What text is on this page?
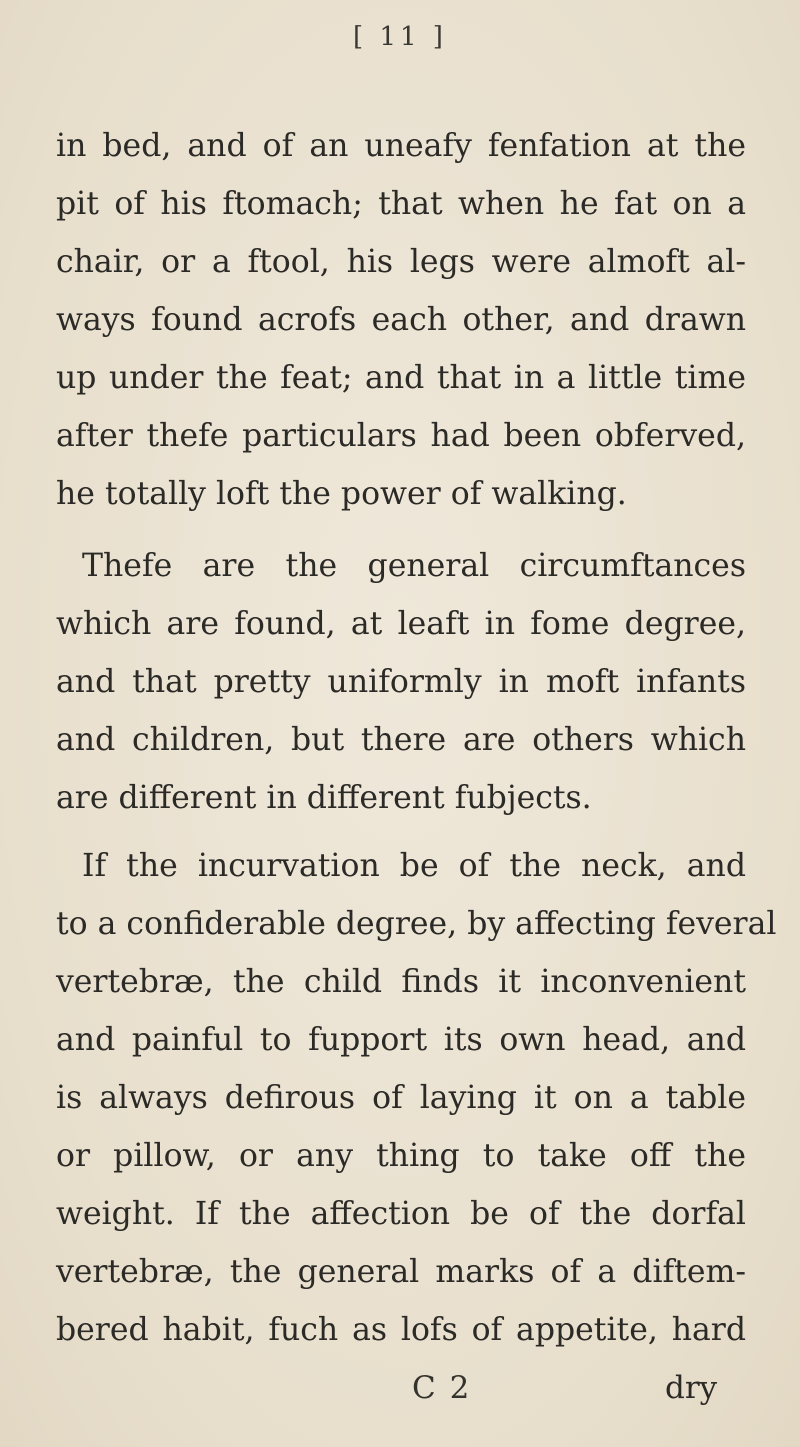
[ 11 ]
in bed, and of an uneafy fenfation at the
pit of his ftomach; that when he fat on a
chair, or a ftool, his legs were almoft al-
ways found acrofs each other, and drawn
up under the feat; and that in a little time
after thefe particulars had been obferved,
he totally loft the power of walking.
Thefe are the general circumftances
which are found, at leaft in fome degree,
and that pretty uniformly in moft infants
and children, but there are others which
are different in different fubjects.
If the incurvation be of the neck, and
to a confiderable degree, by affecting feveral
vertebræ, the child finds it inconvenient
and painful to fupport its own head, and
is always defirous of laying it on a table
or pillow, or any thing to take off the
weight. If the affection be of the dorfal
vertebræ, the general marks of a diftem-
bered habit, fuch as lofs of appetite, hard
C 2	dry
